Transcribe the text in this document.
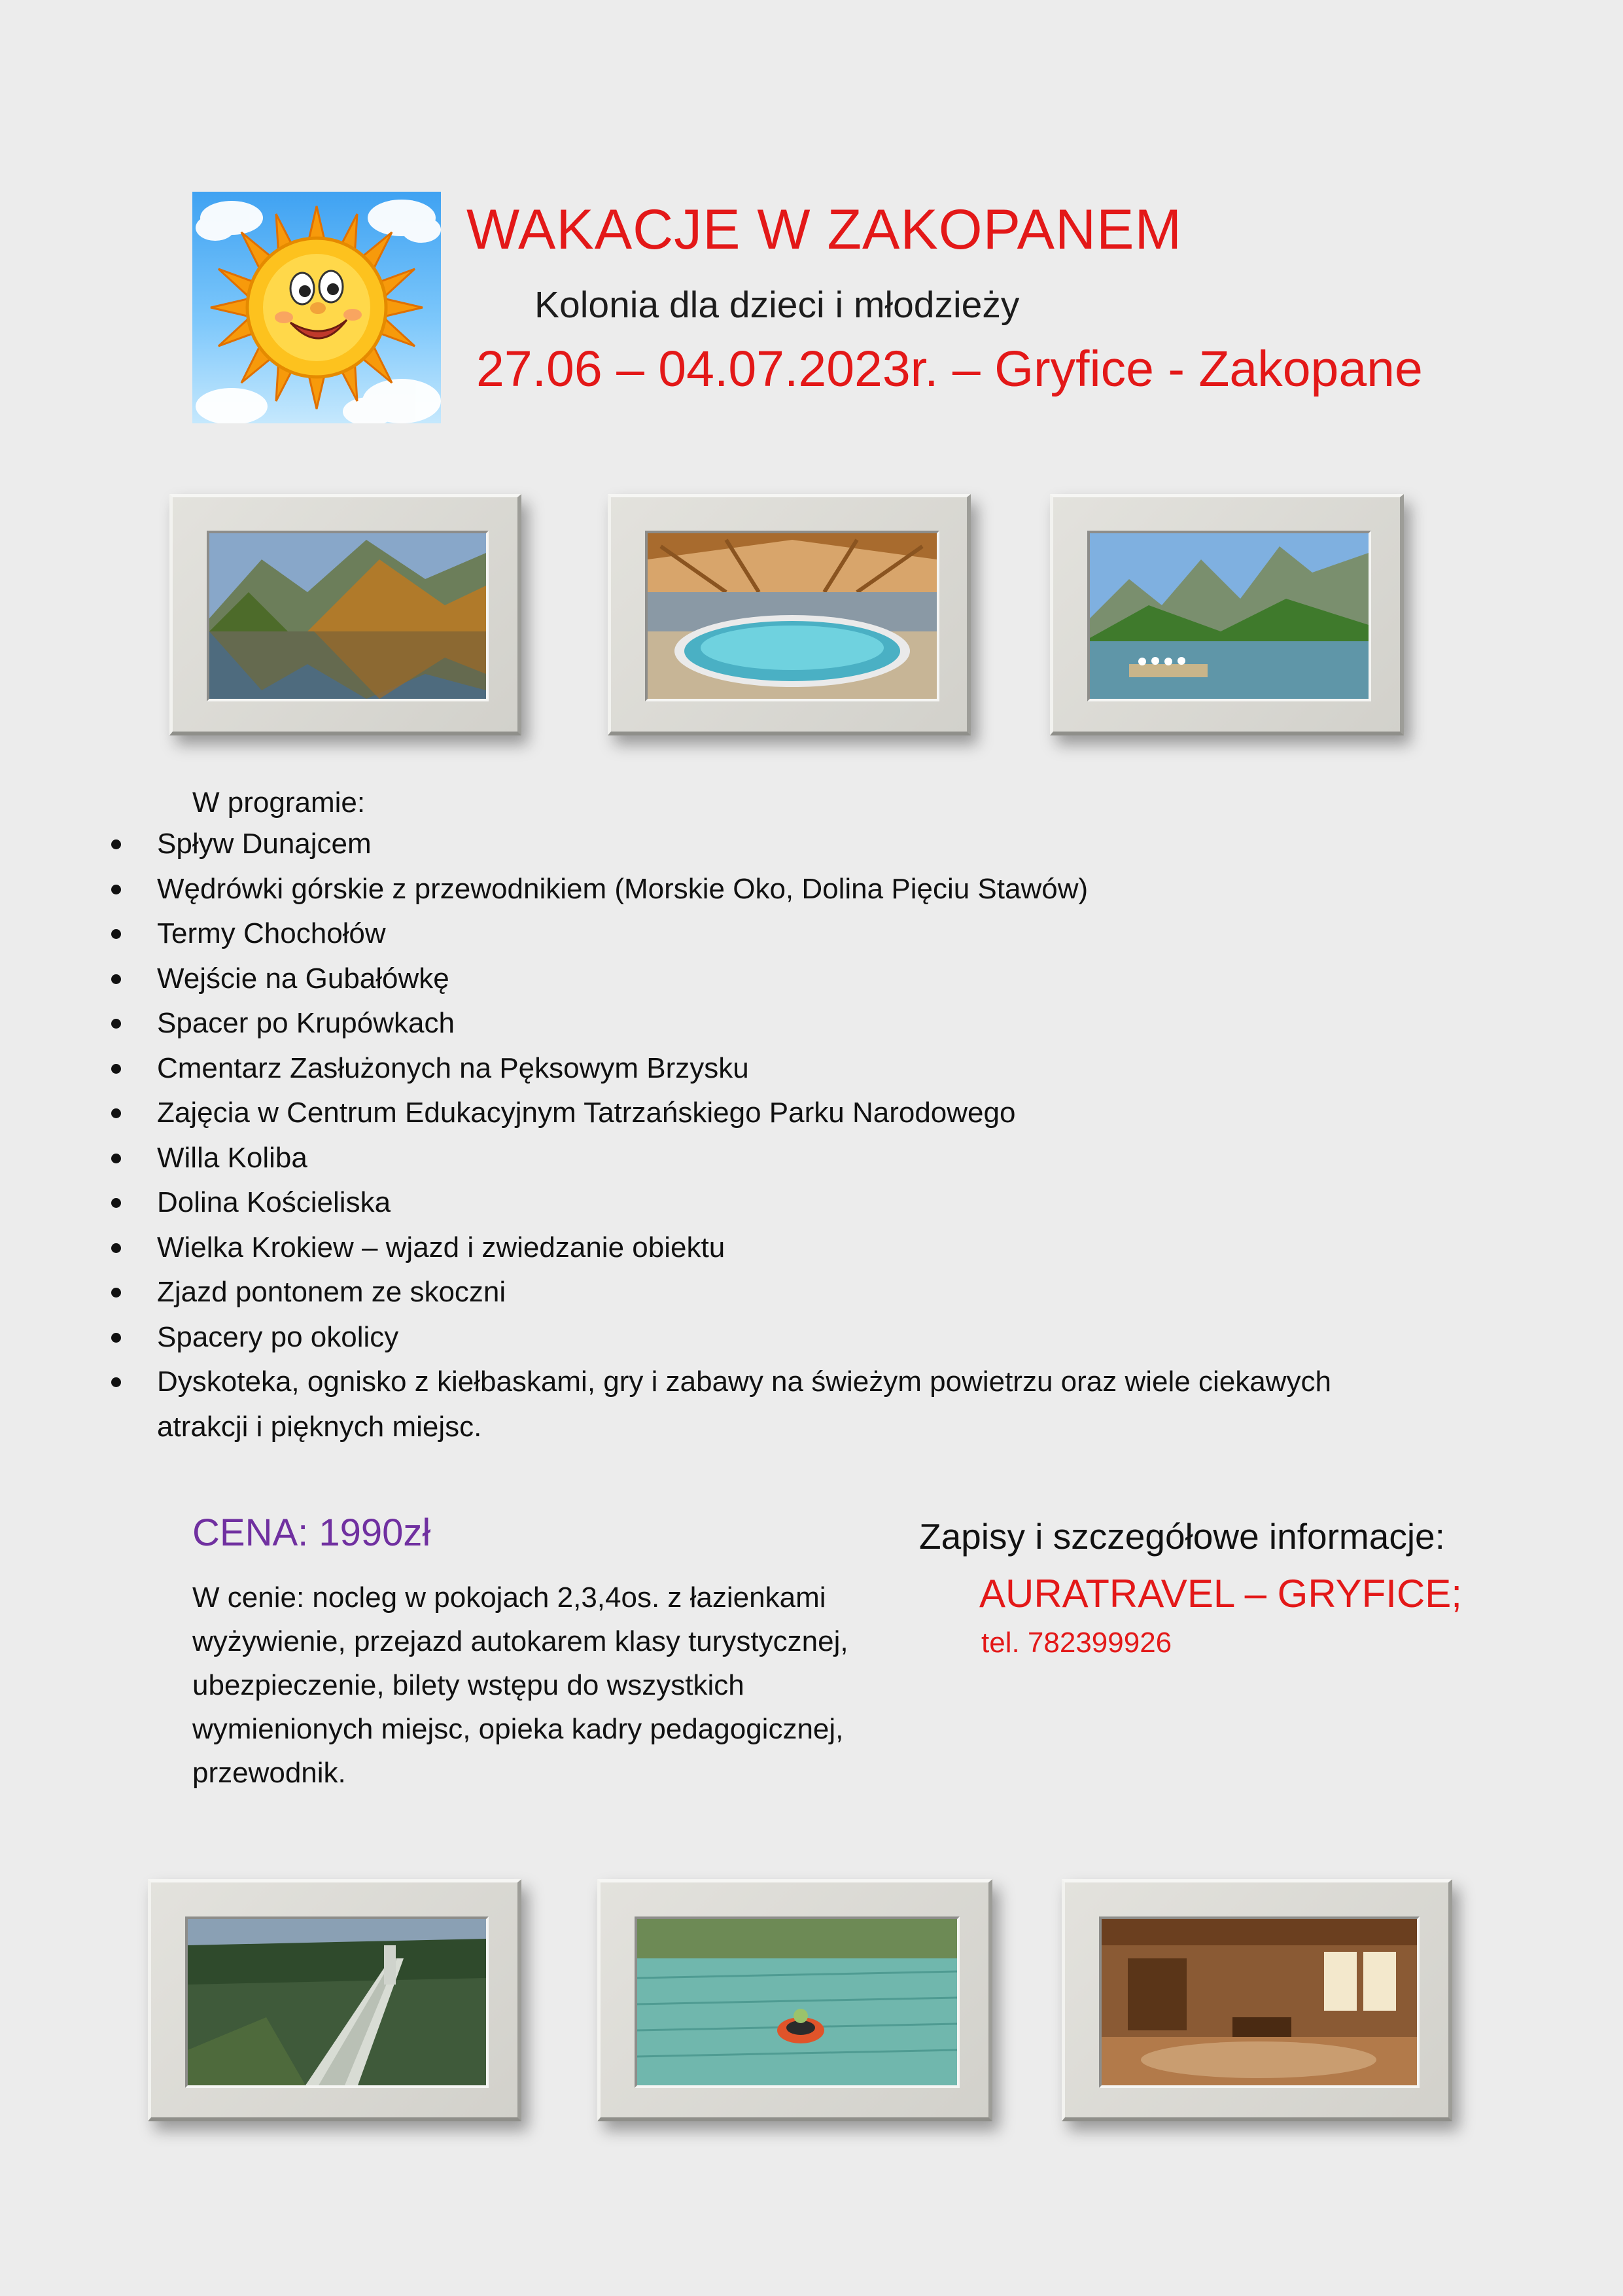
WAKACJE W ZAKOPANEM

Kolonia dla dzieci i młodzieży

27.06 – 04.07.2023r. – Gryfice - Zakopane

W programie:

Spływ Dunajcem
Wędrówki górskie z przewodnikiem (Morskie Oko, Dolina Pięciu Stawów)
Termy Chochołów
Wejście na Gubałówkę
Spacer po Krupówkach
Cmentarz Zasłużonych na Pęksowym Brzysku
Zajęcia w Centrum Edukacyjnym Tatrzańskiego Parku Narodowego
Willa Koliba
Dolina Kościeliska
Wielka Krokiew – wjazd i zwiedzanie obiektu
Zjazd pontonem ze skoczni
Spacery po okolicy
Dyskoteka, ognisko z kiełbaskami, gry i zabawy na świeżym powietrzu oraz wiele ciekawych atrakcji i pięknych miejsc.

CENA: 1990zł

W cenie: nocleg w pokojach 2,3,4os. z łazienkami wyżywienie, przejazd autokarem klasy turystycznej, ubezpieczenie, bilety wstępu do wszystkich wymienionych miejsc, opieka kadry pedagogicznej, przewodnik.

Zapisy i szczegółowe informacje:

AURATRAVEL – GRYFICE;

tel. 782399926
